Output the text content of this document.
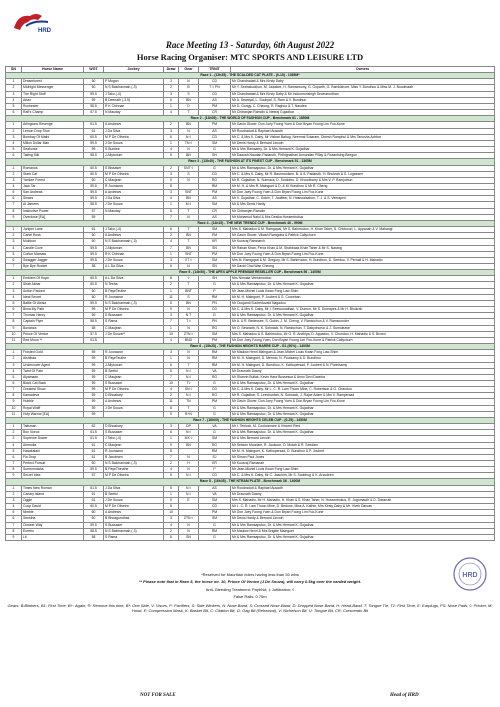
HRD
Race Meeting 13 - Saturday, 6th August 2022
Horse Racing Organiser: MTC SPORTS AND LEISURE LTD
SN	Horse Name	WGT	Jockey	Draw	Gear	TRNIT	Owners
Race 1 - (12h35) - THE SCALDED CAT PLATE - (0-15) - 1365M*							
1	Dreamforest	60	P Mugon	3	N	CD	Mr Chandradatt & Mrs Kirsty Daby
2	Midnight Messenger	60	N S Baichanmah (-3)	2	B	T ◊ PN	Mr Y. Seebaluckhun, M. Jadakee, H. Ramsewony, G. Goparth, G. Ramkishore, Miss Y. Bundhoo & Miss M. J. Boodmaah
3	The Right Stuff	59.5	J Taku (-4)	3	S	CD	Mr Chandradatt & Mrs Kirsty Daby & Mr Indoomunsingh Sewnarunthan
4	Artax	59	B Deenath (-3.5)	6	BN	AS	Mr A. Sewdyal, L. Soobyal, S. Ram & V. Bundhun
5	Rochester	58.5	R K Chinnan	1	D	PM	Mr D. Gongy, C. Cheong, R. Raghoo & T. Naudea
6	Rafi's Champ	57.5	N Mauday	4	T	CR	Mr Chitranjan Ramdin & Neeraj Gujadhar
Race 2 - (13h05) - THE WORLD OF FASHION CUP - Benchmark 61 - 1850M							
1	Arlingtons Revenge	61.5	A Andrews	2	BN	PM	Mr Gavin Glover, Don Joey Foong Yuen & Don Bryan Foong Lim Foo-Kune
2	Lemon Drop Shot	61	J Da Silva	3	N	AS	Mr Roodradutt & Raphael Ausadh
3	Bombay Of Mathi	60.5	M P De Oliveira	6	N ◊	CD	Mr C. & Mrs K. Daby, Mr Vishan Bahug, Neermal Sotaram, Dinesh Ramphul & Mrs Tanusha Achbar
4	Millon Dollar Man	59.5	J De Souza	1	TN ◊	SM	Mr Denis Hardy & Bernard Lincoln
5	Seahorse	59	S Buntlee	4	N	G	Mr & Mrs Ramsamy, Dr. & Mrs Hemant K. Gujadhar
6	Taking Silk	58.5	J Allytonum	5	BN	SN	Mr Daavah Naudan Padaruth, Pirthignathan Annundan Pillay & Rosantsing Beegun
Race 3 - (13h40) - THE FASHION AT ITS FINEST CUP - Benchmark 51 - 1365M							
1	Romanus	60.5	S Bissaser	2	SNT ◊	G	Mr & Mrs Ramsaputuc, Dr. & Mrs Hemant K. Gujadhar
2	Stark Cat	60.5	M P De Oliveira	3	S	CD	Mr C. & Mrs K. Daby, Mr R. Baumoodsen, B. & S. Padaruth, H. Bhukrah & S. Logassen
3	Yankee Forest	60	C Maujean	9	N	RG	Mr R. Gujadhar, N. Subnack, D. Sookdeo, D. Khoodbarry & Mrs V. P. Ramjuthun
4	Jack Tar	59.5	R Joorawon	8		RM	Mr M. H. & Mrs R. Mainguet & D. & M. Bundhoo & Mr R. Cheng
5	San Andreas	59.5	A Andrews	3	SNT	PM	Mr Don Joey Foong Yuen & Don Bryan Foong Lim Foo-Kune
6	Sinaxs	59.5	J Da Silva	4	BN	AS	Mr V. Gujadhar, C. Gobin, T. Jauffeer, N. Hasnoalsahun, T. J. & S. Veerapen
7	Al Jamees	58.5	J De Souza	1	M ◊	SM	Mr & Mrs Denis Hardy
8	Instinctive Power	57	N Mauday	6	T	CR	Mr Chitranjan Ramdin
9	Overdose [EA]	59		7	N	AS	Mr Mohamud Nalul & Mrs Desika Hossenbukus
Race 4 - (14h15) - THE NEW TRENDZ CUP - Benchmark 46 - 990M							
1	Juniper Lane	61	J Taku (-4)	6	T	SM	Mrs S. Mahadoo & M. Ramgopal, Mr S. Bahirrudoo, H. Khan Taher, S. Chidocorl, L. Appanah & V. Mahangi
2	Cartel Ross	60	A Andrews	2	BN	PM	Mr Gavin Glover, Vikash Ramgoba & Patrick Callychurn
3	Muldoon	60	N S Baichanmah (-3)	4	T	KR	Mr Kuusraj Ramnarch
4	Candle Cove	59.5	J Allytonum	7	BN	SN	Mr Rahan Khan, Feroz Khan & M. Shahbaaz Khan Taher & Mr S. Narang
5	Corton Marsaw	59.5	R K Chinnan	1	SNT	PM	Mr Don Joey Foong Yuen & Don Bryan Foong Lim Foo-Kune
6	Swagger Jagger	59.5	J De Souza	3	XT ◊	SM	Mrs M. Ramgopal & M. Gregory, Mr S. Bahirrudoo, H. Bundhoo, D. Seedoo, V. Pernall & H. Mahadio
7	Bye Bye Rocket	58	A L Da Silva	5	N	SN	Mr David Chai Wan Cheong
Race 5 - (14h50) - THE APEX APPLE PREMIUM RESELLER CUP - Benchmark 56 - 1400M							
1	Emblem Of Hope	60.5	A L Da Silva	8	◊	SH	Mrs Nirmala Veeramootoo
2	Shah Akbar	60.5	N Teeha	2	T	G	Mr & Mrs Ramsaputuc, Dr. & Mrs Hemant K. Gujadhar
3	Action Packed	60	B PayeTeuthe	1	BNT	P	Mr Jean-Michel Louis Kwan Fong Law-Shim
4	Ideal Secret	60	R Joorawon	11	S	RM	Mr M. H. Mainguet, P. Joubert & G. Cooreban
5	Battle Of Alesia	59.5	N S Baichanmah (-3)	5	BN	PN	Mr Ooojandi Sucheduvaid Nagadoo
6	Bima My Path	59	M P De Oliveira	9	N	CD	Mr C. & Mrs K. Daby, Mr I. Seewoorathan, V. Dumun, Mr S. Doorayes & Mr H. Bhukrah
7	Thomas Henry	59	S Bussaser	3	N T	G	Mr & Mrs Ramsaputuc, Dr. & Mrs Hemant K. Gujadhar
8	Captain Flyer	58.5	S Rama	7	T ◊	PN	Mr A. & R. Bedessee, S. Gobin, J. M. Cheng, V. Ramlochun & V. Ramsoonder
9	Bonanza	58	C Maujean	1	N	RG	Mr O. Sewnath, N. K. Sohnack, N. Ramlochun, T. Dabychurun & J. Sumoleave
10	Prince Of Venice	57.5	J De Souza**	10	ZTN ◊	SM	Mrs S. Mahadoo & S. Bahirrudoo, Mr O. R. Andhiya, D. Appadoo, V. Chundoo, H. Mahadio & S. Brown
11	Red Moon **	61.5		4	BND	PM	Mr Don Joey Foong Yuen, Don Bryan Foong Lim Foo-Kune & Patrick Callychurn
Race 6 - (15h25) - THE FASHION HEIGHTS RARRE CUP - G1 (90%) - 1400M							
1	Frosted Gold	59	R Joorawon	3	N	RM	Mr Maulow Henri Mainguet & Jean-Michel Louis Kwan Fong Law-Shim
2	Alshibaa	59	B PayeTeuthe	1	N	RM	Mr M. H. Mainguet, D. Mervoo, N. Poutsamy & D. Bundhoo
3	Undercover Agent	59	J Allytonum	6	T	RM	Mr M. H. Mainguet, D. Bundhoo, K. Kathopersad, P. Joubert & N. Poonisamy
4	Twist Of Fate	59	B Seeful	5	N ◊	VA	Mr Dravnath Daany
5	Alyamaan	59	C Maujean	7	N ◊	RG	Mr Sharvin Bullak, Kevin Hara Bussessa & Anno Devi Dwarka
6	Black Cat Back	59	S Bussaser	10	T◊	G	Mr & Mrs Ramsaputuc, Dr. & Mrs Hemant K. Gujadhar
7	Greatest Show	59	M P De Oliveira	4	SN ◊	CD	Mr C. & Mrs K. Daby, Mr L. C. R. Lam Thuon Mine, C. Robertson & G. Chandoo
8	Kamadeva	59	D Bhoakary	2	N ◊	RG	Mr R. Gujadhar, S. Leechuntan, N. Sohnack, J. Rajoe Adam & Mrs V. Rampersad
9	Hubble	59	A Andrews	11	TN	PM	Mr Gavin Glover, Don Joey Foong Yuen & Don Bryan Foong Lim Foo-Kune
10	Royal Wolff	59	J De Souza	8	T	G	Mr & Mrs Ramsaputuc, Dr. & Mrs Hemant K. Gujadhar
11	Holy Warrior [EA]	59		9	B+N	G	Mr & Mrs Ramsaputuc, Dr. & Mrs Hemant K. Gujadhar
Race 7 - (16h00) - THE FASHION HEIGHTS CELEB CUP - (0-25) - 1450M							
1	Talisman	62	D Bhoakary	3	DP	VA	Mr I. Teeluck, M. Cooloomsee & Vincent Reni
2	Bon Voeux	61.5	S Bussaser	6	N ◊	G	Mr & Mrs Ramsaputuc, Dr. & Mrs Hemant K. Gujadhar
3	Supreme Dower	61.5	J Taku (-4)	1	MX ◊	SM	Mr & Mrs Bernard Lincoln
4	Ammolla	61	C Maujean	9	BN	RG	Mr Selwon Moorlam, R. Jaukoon, D. Motah & R. Seedam
5	Hasakalani	61	R Joorawon	8		RM	Mr M. H. Mainguet, K. Kathopersad, D. Bundhoo & P. Joubert
6	Fin Drop	61	B Jacobsen	7	N	SJ	Mr Simon Paul Jones
7	Perfect Pursuit	60	N S Baichanmah (-3)	2	H	KR	Mr Kuusraj Ramanah
8	Surrenmdaha	59.5	B PayeTheuthe	4	N	P	Mr Jean-Michel Louis Kwan Fong Law-Shim
9	Secret Idea	57	M P De Oliveira	5	N ◊	CD	Mr C. & Mrs K. Daby, Mr C. Joachim, Mr S. Soobhug & K. Arcudeen
Race 8 - (16h35) - THE NTRAM PLATE - Benchmark 36 - 1400M							
1	Times New Roman	61.5	J Da Silva	5	N ◊	AS	Mr Roodradutt & Raphael Ausadh
2	Canary Island	61	B Seeful	1	N ◊	VA	Mr Dravnath Daany
3	Oggle	61	J De Souza	9	E	SM	Mrs S. Mahadio, Mr H. Mahadio, H. Khan & S. Khan Taher, N. Hossenbukus, R. Jugomauth & D. Dassruth
4	Coup David	60.5	M P De Oliveira	8		CD	Mr L. C. R. Lam Thuon Mine, D. Bedone, Miss A. Kathtn, Mrs Kirsty Daby & Mr. Vivek Daruas
5	Nimble	60	A Andrews	10		PM	Mr Don Joey Foong Yuen & Don Bryan Foong Lim Foo-Kune
6	Senstha	60	B Bhoagurothas	3	ZTN ◊	SM	Mr Denis Hardy & Bernard Lincoln
7	Closeer Way	59.5	S Bussaser	4	N	G	Mr & Mrs Ramsaputuc, Dr. & Mrs Hemant K. Gujadhar
8	Eurebo	58.5	N S Baichanmah (-3)	2	N	RM	Mr Maulow Henri & Mrs Brigitte Mainguet
9	Lit	58	S Rama	6	SN	G	Mr & Mrs Ramsaputuc, Dr. & Mrs Hemant K. Gujadhar
*Reserved for Mauritian riders having less than 50 wins
** Please note that in Race 5, the horse no. 10, Prince Of Venice (J De Souza), will carry 0.5kg over the carded weight.
Anti- Bleeding Treatment: PaybNd; ‡ Jufiltration: ◊
False Rails: 0.75m
Gears: B:Blinkers, B1: First Time, B+: Again, ®: Remove this time, B*: One Side, V: Visors, P: Pacifiers, S: Side Winkers, N: Nose Band, X: Crossed Nose-Band, D: Dropped Nose-Band, H: Head-Band, T: Tongue Tie, T1: First Time, E: Earplugs, PS: Nose Pads, ◊: Pricker, M: Hood, E: Compression Mask, K: Basket Bit, C: Citation Bit, G: Gag Bit (Reheaval), V: Nichelson Bit, U: Tongue Bit, CR: Crescendo Bit
HRD
NOT FOR SALE	Head of HRD
